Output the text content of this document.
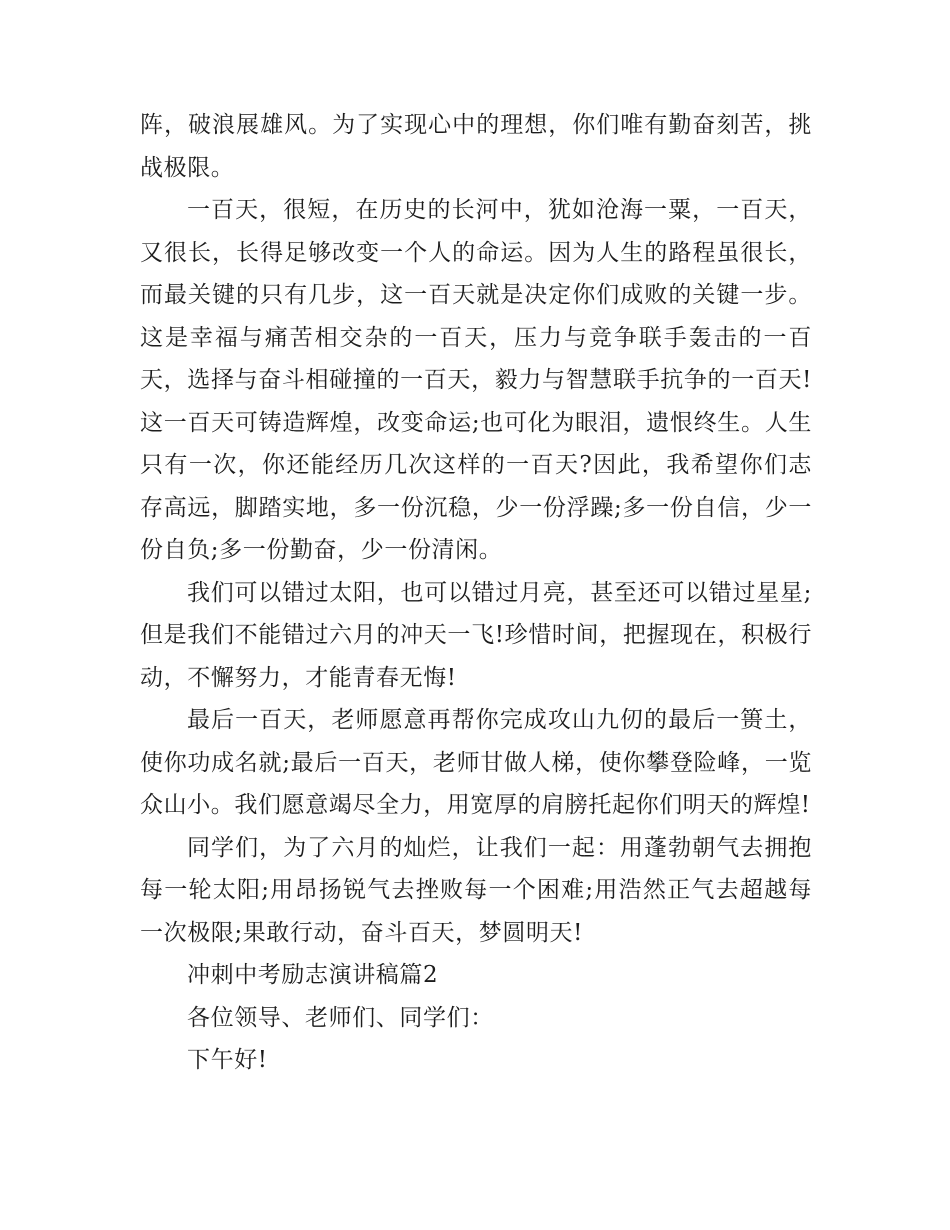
阵，破浪展雄风。为了实现心中的理想，你们唯有勤奋刻苦，挑战极限。

一百天，很短，在历史的长河中，犹如沧海一粟，一百天，又很长，长得足够改变一个人的命运。因为人生的路程虽很长，而最关键的只有几步，这一百天就是决定你们成败的关键一步。这是幸福与痛苦相交杂的一百天，压力与竞争联手轰击的一百天，选择与奋斗相碰撞的一百天，毅力与智慧联手抗争的一百天!这一百天可铸造辉煌，改变命运;也可化为眼泪，遗恨终生。人生只有一次，你还能经历几次这样的一百天?因此，我希望你们志存高远，脚踏实地，多一份沉稳，少一份浮躁;多一份自信，少一份自负;多一份勤奋，少一份清闲。

我们可以错过太阳，也可以错过月亮，甚至还可以错过星星;但是我们不能错过六月的冲天一飞!珍惜时间，把握现在，积极行动，不懈努力，才能青春无悔!

最后一百天，老师愿意再帮你完成攻山九仞的最后一篑土，使你功成名就;最后一百天，老师甘做人梯，使你攀登险峰，一览众山小。我们愿意竭尽全力，用宽厚的肩膀托起你们明天的辉煌!

同学们，为了六月的灿烂，让我们一起：用蓬勃朝气去拥抱每一轮太阳;用昂扬锐气去挫败每一个困难;用浩然正气去超越每一次极限;果敢行动，奋斗百天，梦圆明天!

冲刺中考励志演讲稿篇2

各位领导、老师们、同学们：

下午好!
